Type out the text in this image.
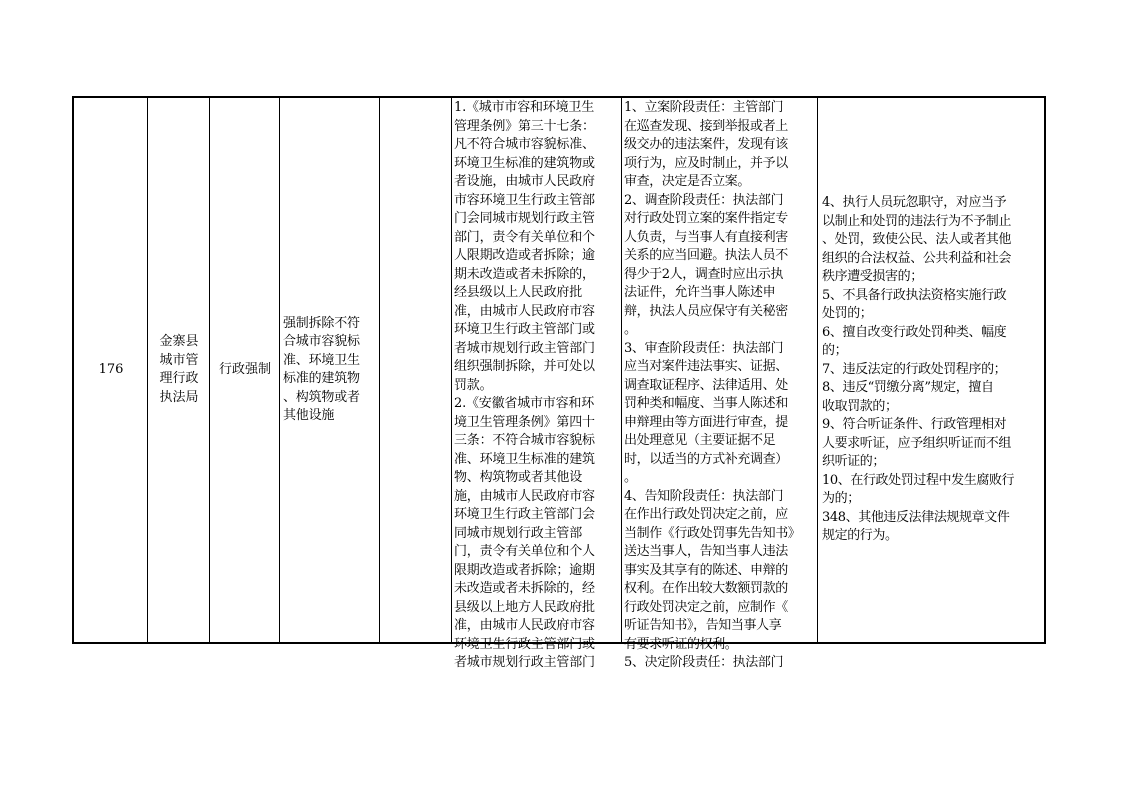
176
金寨县
城市管
理行政
执法局
行政强制
强制拆除不符
合城市容貌标
准、环境卫生
标准的建筑物
、构筑物或者
其他设施
1.《城市市容和环境卫生
管理条例》第三十七条：
凡不符合城市容貌标准、
环境卫生标准的建筑物或
者设施，由城市人民政府
市容环境卫生行政主管部
门会同城市规划行政主管
部门，责令有关单位和个
人限期改造或者拆除；逾
期未改造或者未拆除的，
经县级以上人民政府批
准，由城市人民政府市容
环境卫生行政主管部门或
者城市规划行政主管部门
组织强制拆除，并可处以
罚款。
2.《安徽省城市市容和环
境卫生管理条例》第四十
三条：不符合城市容貌标
准、环境卫生标准的建筑
物、构筑物或者其他设
施，由城市人民政府市容
环境卫生行政主管部门会
同城市规划行政主管部
门，责令有关单位和个人
限期改造或者拆除；逾期
未改造或者未拆除的，经
县级以上地方人民政府批
准，由城市人民政府市容
环境卫生行政主管部门或
者城市规划行政主管部门
1、立案阶段责任：主管部门
在巡查发现、接到举报或者上
级交办的违法案件，发现有该
项行为，应及时制止，并予以
审查，决定是否立案。
2、调查阶段责任：执法部门
对行政处罚立案的案件指定专
人负责，与当事人有直接利害
关系的应当回避。执法人员不
得少于2人，调查时应出示执
法证件，允许当事人陈述申
辩，执法人员应保守有关秘密
。
3、审查阶段责任：执法部门
应当对案件违法事实、证据、
调查取证程序、法律适用、处
罚种类和幅度、当事人陈述和
申辩理由等方面进行审查，提
出处理意见（主要证据不足
时，以适当的方式补充调查）
。
4、告知阶段责任：执法部门
在作出行政处罚决定之前，应
当制作《行政处罚事先告知书》
送达当事人，告知当事人违法
事实及其享有的陈述、申辩的
权利。在作出较大数额罚款的
行政处罚决定之前，应制作《
听证告知书》，告知当事人享
有要求听证的权利。
5、决定阶段责任：执法部门
4、执行人员玩忽职守，对应当予
以制止和处罚的违法行为不予制止
、处罚，致使公民、法人或者其他
组织的合法权益、公共利益和社会
秩序遭受损害的；
5、不具备行政执法资格实施行政
处罚的；
6、擅自改变行政处罚种类、幅度
的；
7、违反法定的行政处罚程序的；
8、违反“罚缴分离”规定，擅自
收取罚款的；
9、符合听证条件、行政管理相对
人要求听证，应予组织听证而不组
织听证的；
10、在行政处罚过程中发生腐败行
为的；
348、其他违反法律法规规章文件
规定的行为。
